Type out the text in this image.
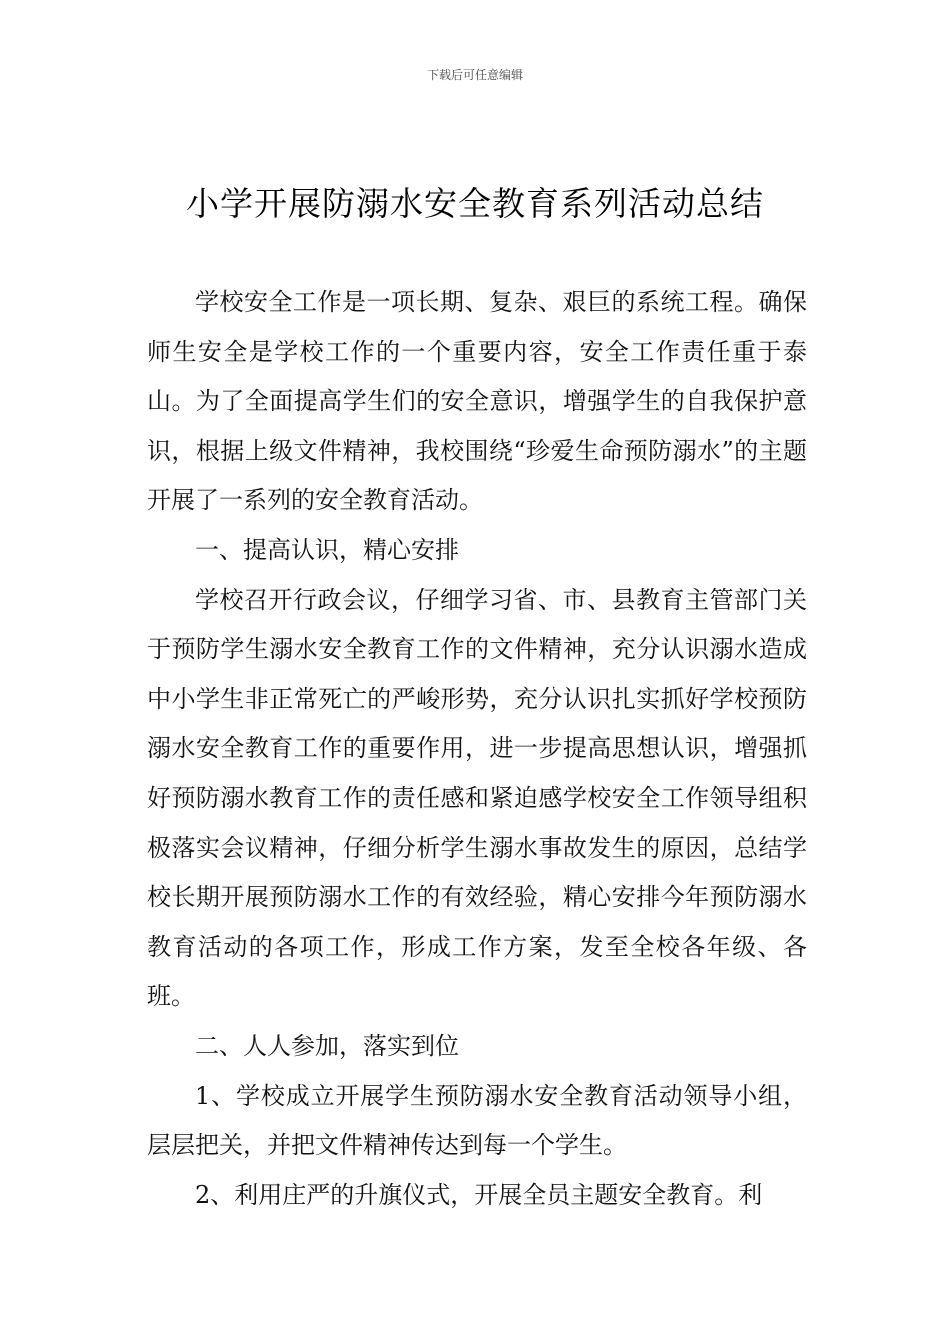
下载后可任意编辑
小学开展防溺水安全教育系列活动总结

学校安全工作是一项长期、复杂、艰巨的系统工程。确保师生安全是学校工作的一个重要内容，安全工作责任重于泰山。为了全面提高学生们的安全意识，增强学生的自我保护意识，根据上级文件精神，我校围绕“珍爱生命预防溺水”的主题开展了一系列的安全教育活动。

一、提高认识，精心安排

学校召开行政会议，仔细学习省、市、县教育主管部门关于预防学生溺水安全教育工作的文件精神，充分认识溺水造成中小学生非正常死亡的严峻形势，充分认识扎实抓好学校预防溺水安全教育工作的重要作用，进一步提高思想认识，增强抓好预防溺水教育工作的责任感和紧迫感学校安全工作领导组积极落实会议精神，仔细分析学生溺水事故发生的原因，总结学校长期开展预防溺水工作的有效经验，精心安排今年预防溺水教育活动的各项工作，形成工作方案，发至全校各年级、各班。

二、人人参加，落实到位

1、学校成立开展学生预防溺水安全教育活动领导小组，层层把关，并把文件精神传达到每一个学生。

2、利用庄严的升旗仪式，开展全员主题安全教育。利
